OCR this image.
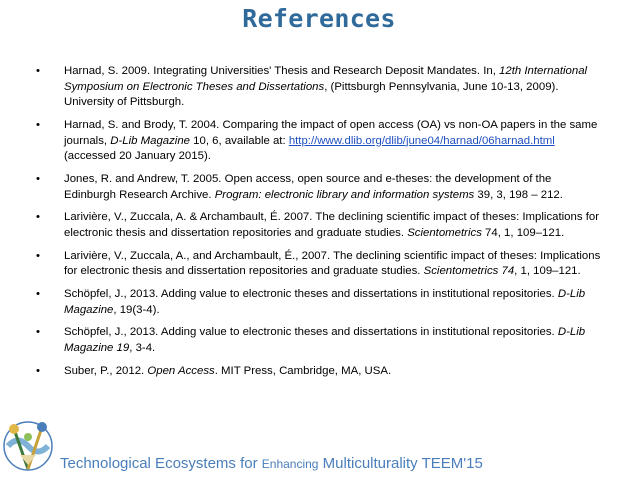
References
• Harnad, S. 2009. Integrating Universities' Thesis and Research Deposit Mandates. In, 12th International Symposium on Electronic Theses and Dissertations, (Pittsburgh Pennsylvania, June 10-13, 2009). University of Pittsburgh.
• Harnad, S. and Brody, T. 2004. Comparing the impact of open access (OA) vs non-OA papers in the same journals, D-Lib Magazine 10, 6, available at: http://www.dlib.org/dlib/june04/harnad/06harnad.html (accessed 20 January 2015).
• Jones, R. and Andrew, T. 2005. Open access, open source and e-theses: the development of the Edinburgh Research Archive. Program: electronic library and information systems 39, 3, 198 – 212.
• Larivière, V., Zuccala, A. & Archambault, É. 2007. The declining scientific impact of theses: Implications for electronic thesis and dissertation repositories and graduate studies. Scientometrics 74, 1, 109–121.
• Larivière, V., Zuccala, A., and Archambault, É., 2007. The declining scientific impact of theses: Implications for electronic thesis and dissertation repositories and graduate studies. Scientometrics 74, 1, 109–121.
• Schöpfel, J., 2013. Adding value to electronic theses and dissertations in institutional repositories. D-Lib Magazine, 19(3-4).
• Schöpfel, J., 2013. Adding value to electronic theses and dissertations in institutional repositories. D-Lib Magazine 19, 3-4.
• Suber, P., 2012. Open Access. MIT Press, Cambridge, MA, USA.
Technological Ecosystems for Enhancing Multiculturality TEEM'15
